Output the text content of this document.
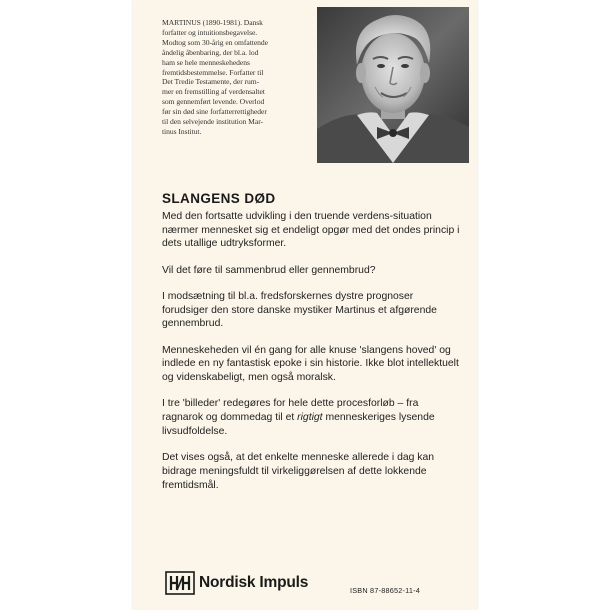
MARTINUS (1890-1981). Dansk
forfatter og intuitionsbegavelse.
Modtog som 30-årig en omfattende
åndelig åbenbaring, der bl.a. lod
ham se hele menneskehedens
fremtidsbestemmelse. Forfatter til
Det Tredie Testamente, der rum-
mer en fremstilling af verdensaltet
som gennemført levende. Overlod
før sin død sine forfatterrettigheder
til den selvejende institution Mar-
tinus Institut.

SLANGENS DØD

Med den fortsatte udvikling i den truende verdens-situation nærmer mennesket sig et endeligt opgør med det ondes princip i dets utallige udtryksformer.

Vil det føre til sammenbrud eller gennembrud?

I modsætning til bl.a. fredsforskernes dystre prognoser forudsiger den store danske mystiker Martinus et afgørende gennembrud.

Menneskeheden vil én gang for alle knuse 'slangens hoved' og indlede en ny fantastisk epoke i sin historie. Ikke blot intellektuelt og videnskabeligt, men også moralsk.

I tre 'billeder' redegøres for hele dette procesforløb – fra ragnarok og dommedag til et rigtigt menneskeriges lysende livsudfoldelse.

Det vises også, at det enkelte menneske allerede i dag kan bidrage meningsfuldt til virkeliggørelsen af dette lokkende fremtidsmål.

Nordisk Impuls	ISBN 87-88652-11-4
